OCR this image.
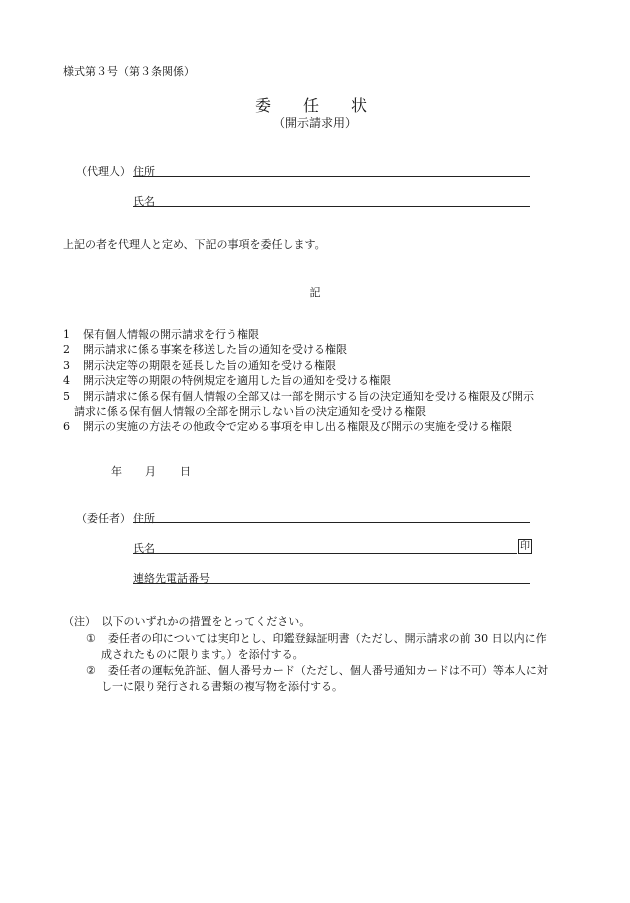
様式第３号（第３条関係）
委　任　状
（開示請求用）
（代理人） 住所
氏名
上記の者を代理人と定め、下記の事項を委任します。
記
1 保有個人情報の開示請求を行う権限
2 開示請求に係る事案を移送した旨の通知を受ける権限
3 開示決定等の期限を延長した旨の通知を受ける権限
4 開示決定等の期限の特例規定を適用した旨の通知を受ける権限
5 開示請求に係る保有個人情報の全部又は一部を開示する旨の決定通知を受ける権限及び開示
請求に係る保有個人情報の全部を開示しない旨の決定通知を受ける権限
6 開示の実施の方法その他政令で定める事項を申し出る権限及び開示の実施を受ける権限
年 月 日
（委任者） 住所
氏名	印
連絡先電話番号
（注）　以下のいずれかの措置をとってください。
① 委任者の印については実印とし、印鑑登録証明書（ただし、開示請求の前 30 日以内に作
成されたものに限ります。）を添付する。
② 委任者の運転免許証、個人番号カード（ただし、個人番号通知カードは不可）等本人に対
し一に限り発行される書類の複写物を添付する。
